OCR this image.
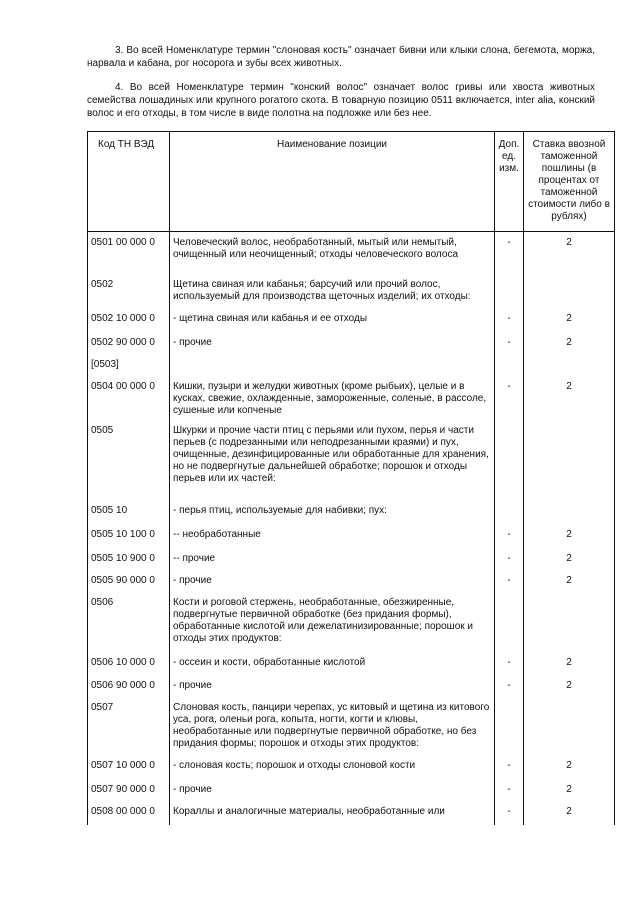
3. Во всей Номенклатуре термин "слоновая кость" означает бивни или клыки слона, бегемота, моржа, нарвала и кабана, рог носорога и зубы всех животных.
4. Во всей Номенклатуре термин "конский волос" означает волос гривы или хвоста животных семейства лошадиных или крупного рогатого скота. В товарную позицию 0511 включается, inter alia, конский волос и его отходы, в том числе в виде полотна на подложке или без нее.
Код ТН ВЭД	Наименование позиции	Доп. ед. изм.	Ставка ввозной таможенной пошлины (в процентах от таможенной стоимости либо в рублях)
0501 00 000 0	Человеческий волос, необработанный, мытый или немытый, очищенный или неочищенный; отходы человеческого волоса	-	2
0502	Щетина свиная или кабанья; барсучий или прочий волос, используемый для производства щеточных изделий; их отходы:		
0502 10 000 0	- щетина свиная или кабанья и ее отходы	-	2
0502 90 000 0	- прочие	-	2
[0503]			
0504 00 000 0	Кишки, пузыри и желудки животных (кроме рыбьих), целые и в кусках, свежие, охлажденные, замороженные, соленые, в рассоле, сушеные или копченые	-	2
0505	Шкурки и прочие части птиц с перьями или пухом, перья и части перьев (с подрезанными или неподрезанными краями) и пух, очищенные, дезинфицированные или обработанные для хранения, но не подвергнутые дальнейшей обработке; порошок и отходы перьев или их частей:		
0505 10	- перья птиц, используемые для набивки; пух:		
0505 10 100 0	-- необработанные	-	2
0505 10 900 0	-- прочие	-	2
0505 90 000 0	- прочие	-	2
0506	Кости и роговой стержень, необработанные, обезжиренные, подвергнутые первичной обработке (без придания формы), обработанные кислотой или дежелатинизированные; порошок и отходы этих продуктов:		
0506 10 000 0	- оссеин и кости, обработанные кислотой	-	2
0506 90 000 0	- прочие	-	2
0507	Слоновая кость, панцири черепах, ус китовый и щетина из китового уса, рога, оленьи рога, копыта, ногти, когти и клювы, необработанные или подвергнутые первичной обработке, но без придания формы; порошок и отходы этих продуктов:		
0507 10 000 0	- слоновая кость; порошок и отходы слоновой кости	-	2
0507 90 000 0	- прочие	-	2
0508 00 000 0	Кораллы и аналогичные материалы, необработанные или	-	2
